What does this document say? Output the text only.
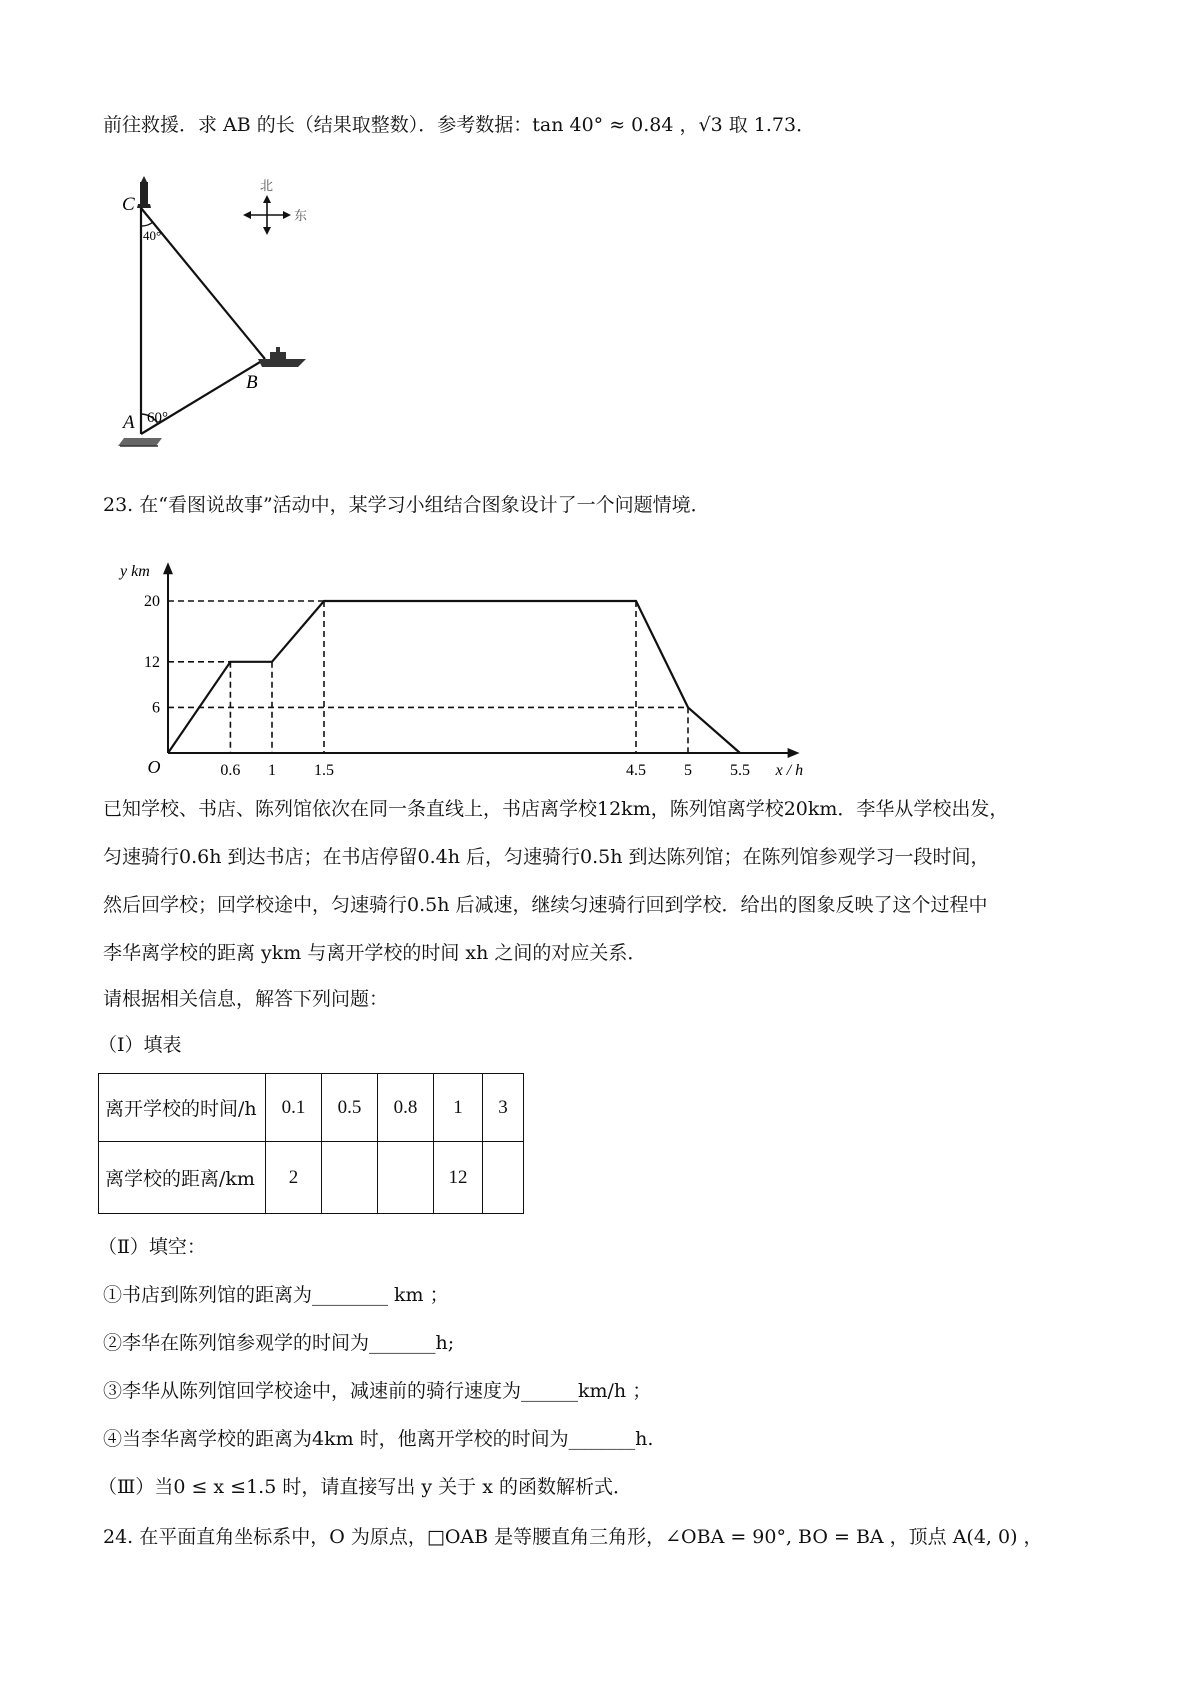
前往救援．求 AB 的长（结果取整数）．参考数据：tan 40° ≈ 0.84 ，√3 取 1.73．
C
40°
B
A 60°
北
东
23. 在“看图说故事”活动中，某学习小组结合图象设计了一个问题情境．
0.6 1 1.5	4.5 5 5.5
20
12
6
O
y km
x / h
已知学校、书店、陈列馆依次在同一条直线上，书店离学校12km，陈列馆离学校20km．李华从学校出发，
匀速骑行0.6h 到达书店；在书店停留0.4h 后，匀速骑行0.5h 到达陈列馆；在陈列馆参观学习一段时间，
然后回学校；回学校途中，匀速骑行0.5h 后减速，继续匀速骑行回到学校．给出的图象反映了这个过程中
李华离学校的距离 ykm 与离开学校的时间 xh 之间的对应关系．
请根据相关信息，解答下列问题：
（Ⅰ）填表
离开学校的时间/h	0.1	0.5	0.8	1	3
离学校的距离/km	2			12	
（Ⅱ）填空：
①书店到陈列馆的距离为________ km ；
②李华在陈列馆参观学的时间为_______h;
③李华从陈列馆回学校途中，减速前的骑行速度为______km/h ；
④当李华离学校的距离为4km 时，他离开学校的时间为_______h.
（Ⅲ）当0 ≤ x ≤1.5 时，请直接写出 y 关于 x 的函数解析式．
24. 在平面直角坐标系中，O 为原点，□OAB 是等腰直角三角形，∠OBA = 90°, BO = BA ，顶点 A(4, 0) ，
